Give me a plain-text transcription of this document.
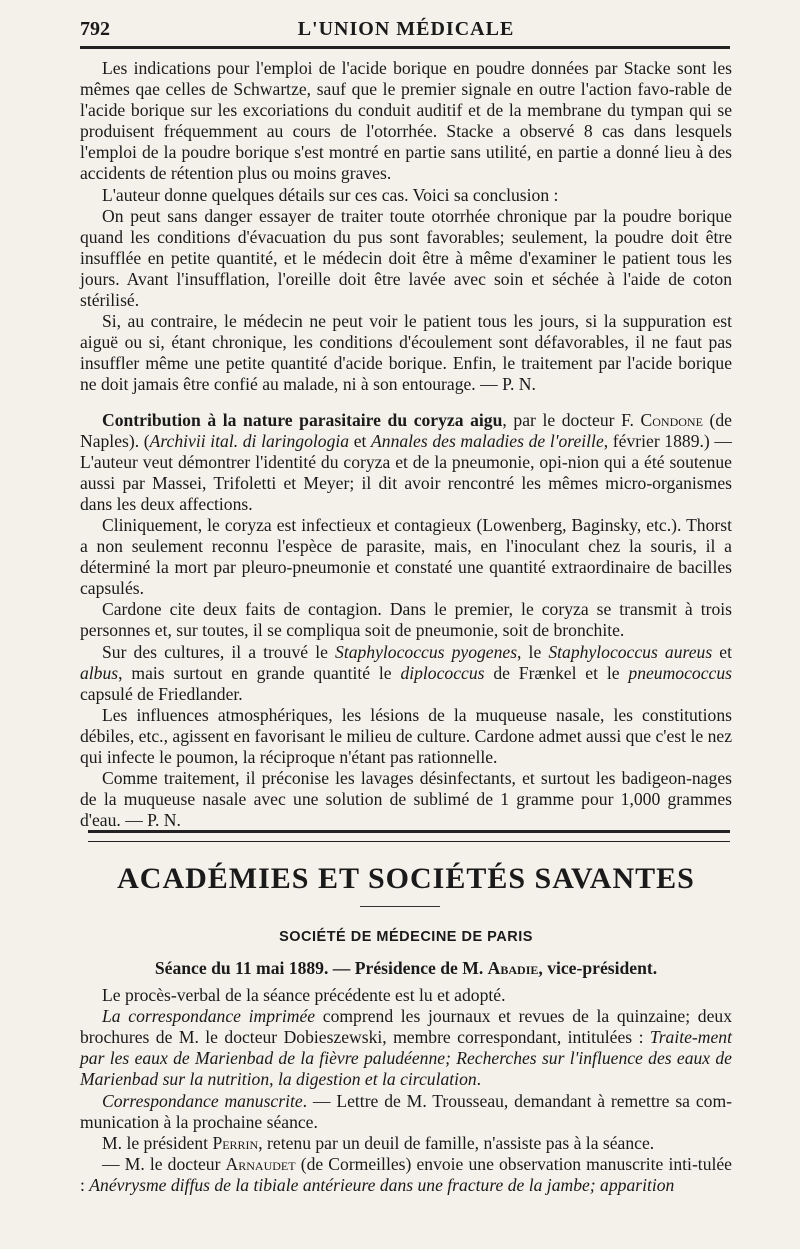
792	L'UNION MÉDICALE

Les indications pour l'emploi de l'acide borique en poudre données par Stacke sont les mêmes qae celles de Schwartze, sauf que le premier signale en outre l'action favo-rable de l'acide borique sur les excoriations du conduit auditif et de la membrane du tympan qui se produisent fréquemment au cours de l'otorrhée. Stacke a observé 8 cas dans lesquels l'emploi de la poudre borique s'est montré en partie sans utilité, en partie a donné lieu à des accidents de rétention plus ou moins graves.

L'auteur donne quelques détails sur ces cas. Voici sa conclusion :

On peut sans danger essayer de traiter toute otorrhée chronique par la poudre borique quand les conditions d'évacuation du pus sont favorables; seulement, la poudre doit être insufflée en petite quantité, et le médecin doit être à même d'examiner le patient tous les jours. Avant l'insufflation, l'oreille doit être lavée avec soin et séchée à l'aide de coton stérilisé.

Si, au contraire, le médecin ne peut voir le patient tous les jours, si la suppuration est aiguë ou si, étant chronique, les conditions d'écoulement sont défavorables, il ne faut pas insuffler même une petite quantité d'acide borique. Enfin, le traitement par l'acide borique ne doit jamais être confié au malade, ni à son entourage. — P. N.

Contribution à la nature parasitaire du coryza aigu, par le docteur F. Condone (de Naples). (Archivii ital. di laringologia et Annales des maladies de l'oreille, février 1889.) — L'auteur veut démontrer l'identité du coryza et de la pneumonie, opi-nion qui a été soutenue aussi par Massei, Trifoletti et Meyer; il dit avoir rencontré les mêmes micro-organismes dans les deux affections.

Cliniquement, le coryza est infectieux et contagieux (Lowenberg, Baginsky, etc.). Thorst a non seulement reconnu l'espèce de parasite, mais, en l'inoculant chez la souris, il a déterminé la mort par pleuro-pneumonie et constaté une quantité extraordinaire de bacilles capsulés.

Cardone cite deux faits de contagion. Dans le premier, le coryza se transmit à trois personnes et, sur toutes, il se compliqua soit de pneumonie, soit de bronchite.

Sur des cultures, il a trouvé le Staphylococcus pyogenes, le Staphylococcus aureus et albus, mais surtout en grande quantité le diplococcus de Frænkel et le pneumococcus capsulé de Friedlander.

Les influences atmosphériques, les lésions de la muqueuse nasale, les constitutions débiles, etc., agissent en favorisant le milieu de culture. Cardone admet aussi que c'est le nez qui infecte le poumon, la réciproque n'étant pas rationnelle.

Comme traitement, il préconise les lavages désinfectants, et surtout les badigeon-nages de la muqueuse nasale avec une solution de sublimé de 1 gramme pour 1,000 grammes d'eau. — P. N.

ACADÉMIES ET SOCIÉTÉS SAVANTES
SOCIÉTÉ DE MÉDECINE DE PARIS

Séance du 11 mai 1889. — Présidence de M. Abadie, vice-président.

Le procès-verbal de la séance précédente est lu et adopté.

La correspondance imprimée comprend les journaux et revues de la quinzaine; deux brochures de M. le docteur Dobieszewski, membre correspondant, intitulées : Traite-ment par les eaux de Marienbad de la fièvre paludéenne; Recherches sur l'influence des eaux de Marienbad sur la nutrition, la digestion et la circulation.

Correspondance manuscrite. — Lettre de M. Trousseau, demandant à remettre sa com-munication à la prochaine séance.

M. le président Perrin, retenu par un deuil de famille, n'assiste pas à la séance.

— M. le docteur Arnaudet (de Cormeilles) envoie une observation manuscrite inti-tulée : Anévrysme diffus de la tibiale antérieure dans une fracture de la jambe; apparition
